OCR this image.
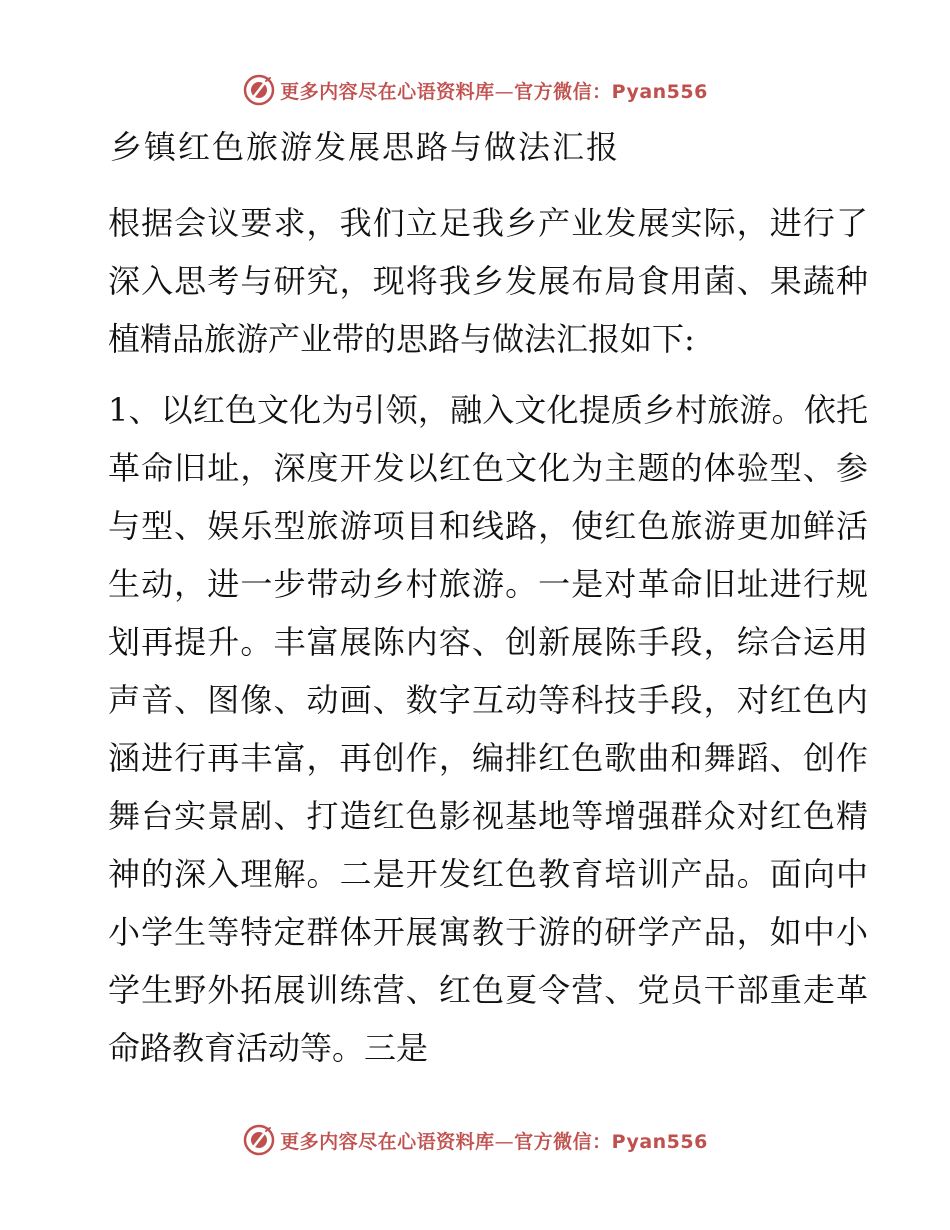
更多内容尽在心语资料库—官方微信：Pyan556
乡镇红色旅游发展思路与做法汇报

根据会议要求，我们立足我乡产业发展实际，进行了深入思考与研究，现将我乡发展布局食用菌、果蔬种植精品旅游产业带的思路与做法汇报如下:

1、以红色文化为引领，融入文化提质乡村旅游。依托革命旧址，深度开发以红色文化为主题的体验型、参与型、娱乐型旅游项目和线路，使红色旅游更加鲜活生动，进一步带动乡村旅游。一是对革命旧址进行规划再提升。丰富展陈内容、创新展陈手段，综合运用声音、图像、动画、数字互动等科技手段，对红色内涵进行再丰富，再创作，编排红色歌曲和舞蹈、创作舞台实景剧、打造红色影视基地等增强群众对红色精神的深入理解。二是开发红色教育培训产品。面向中小学生等特定群体开展寓教于游的研学产品，如中小学生野外拓展训练营、红色夏令营、党员干部重走革命路教育活动等。三是

更多内容尽在心语资料库—官方微信：Pyan556
